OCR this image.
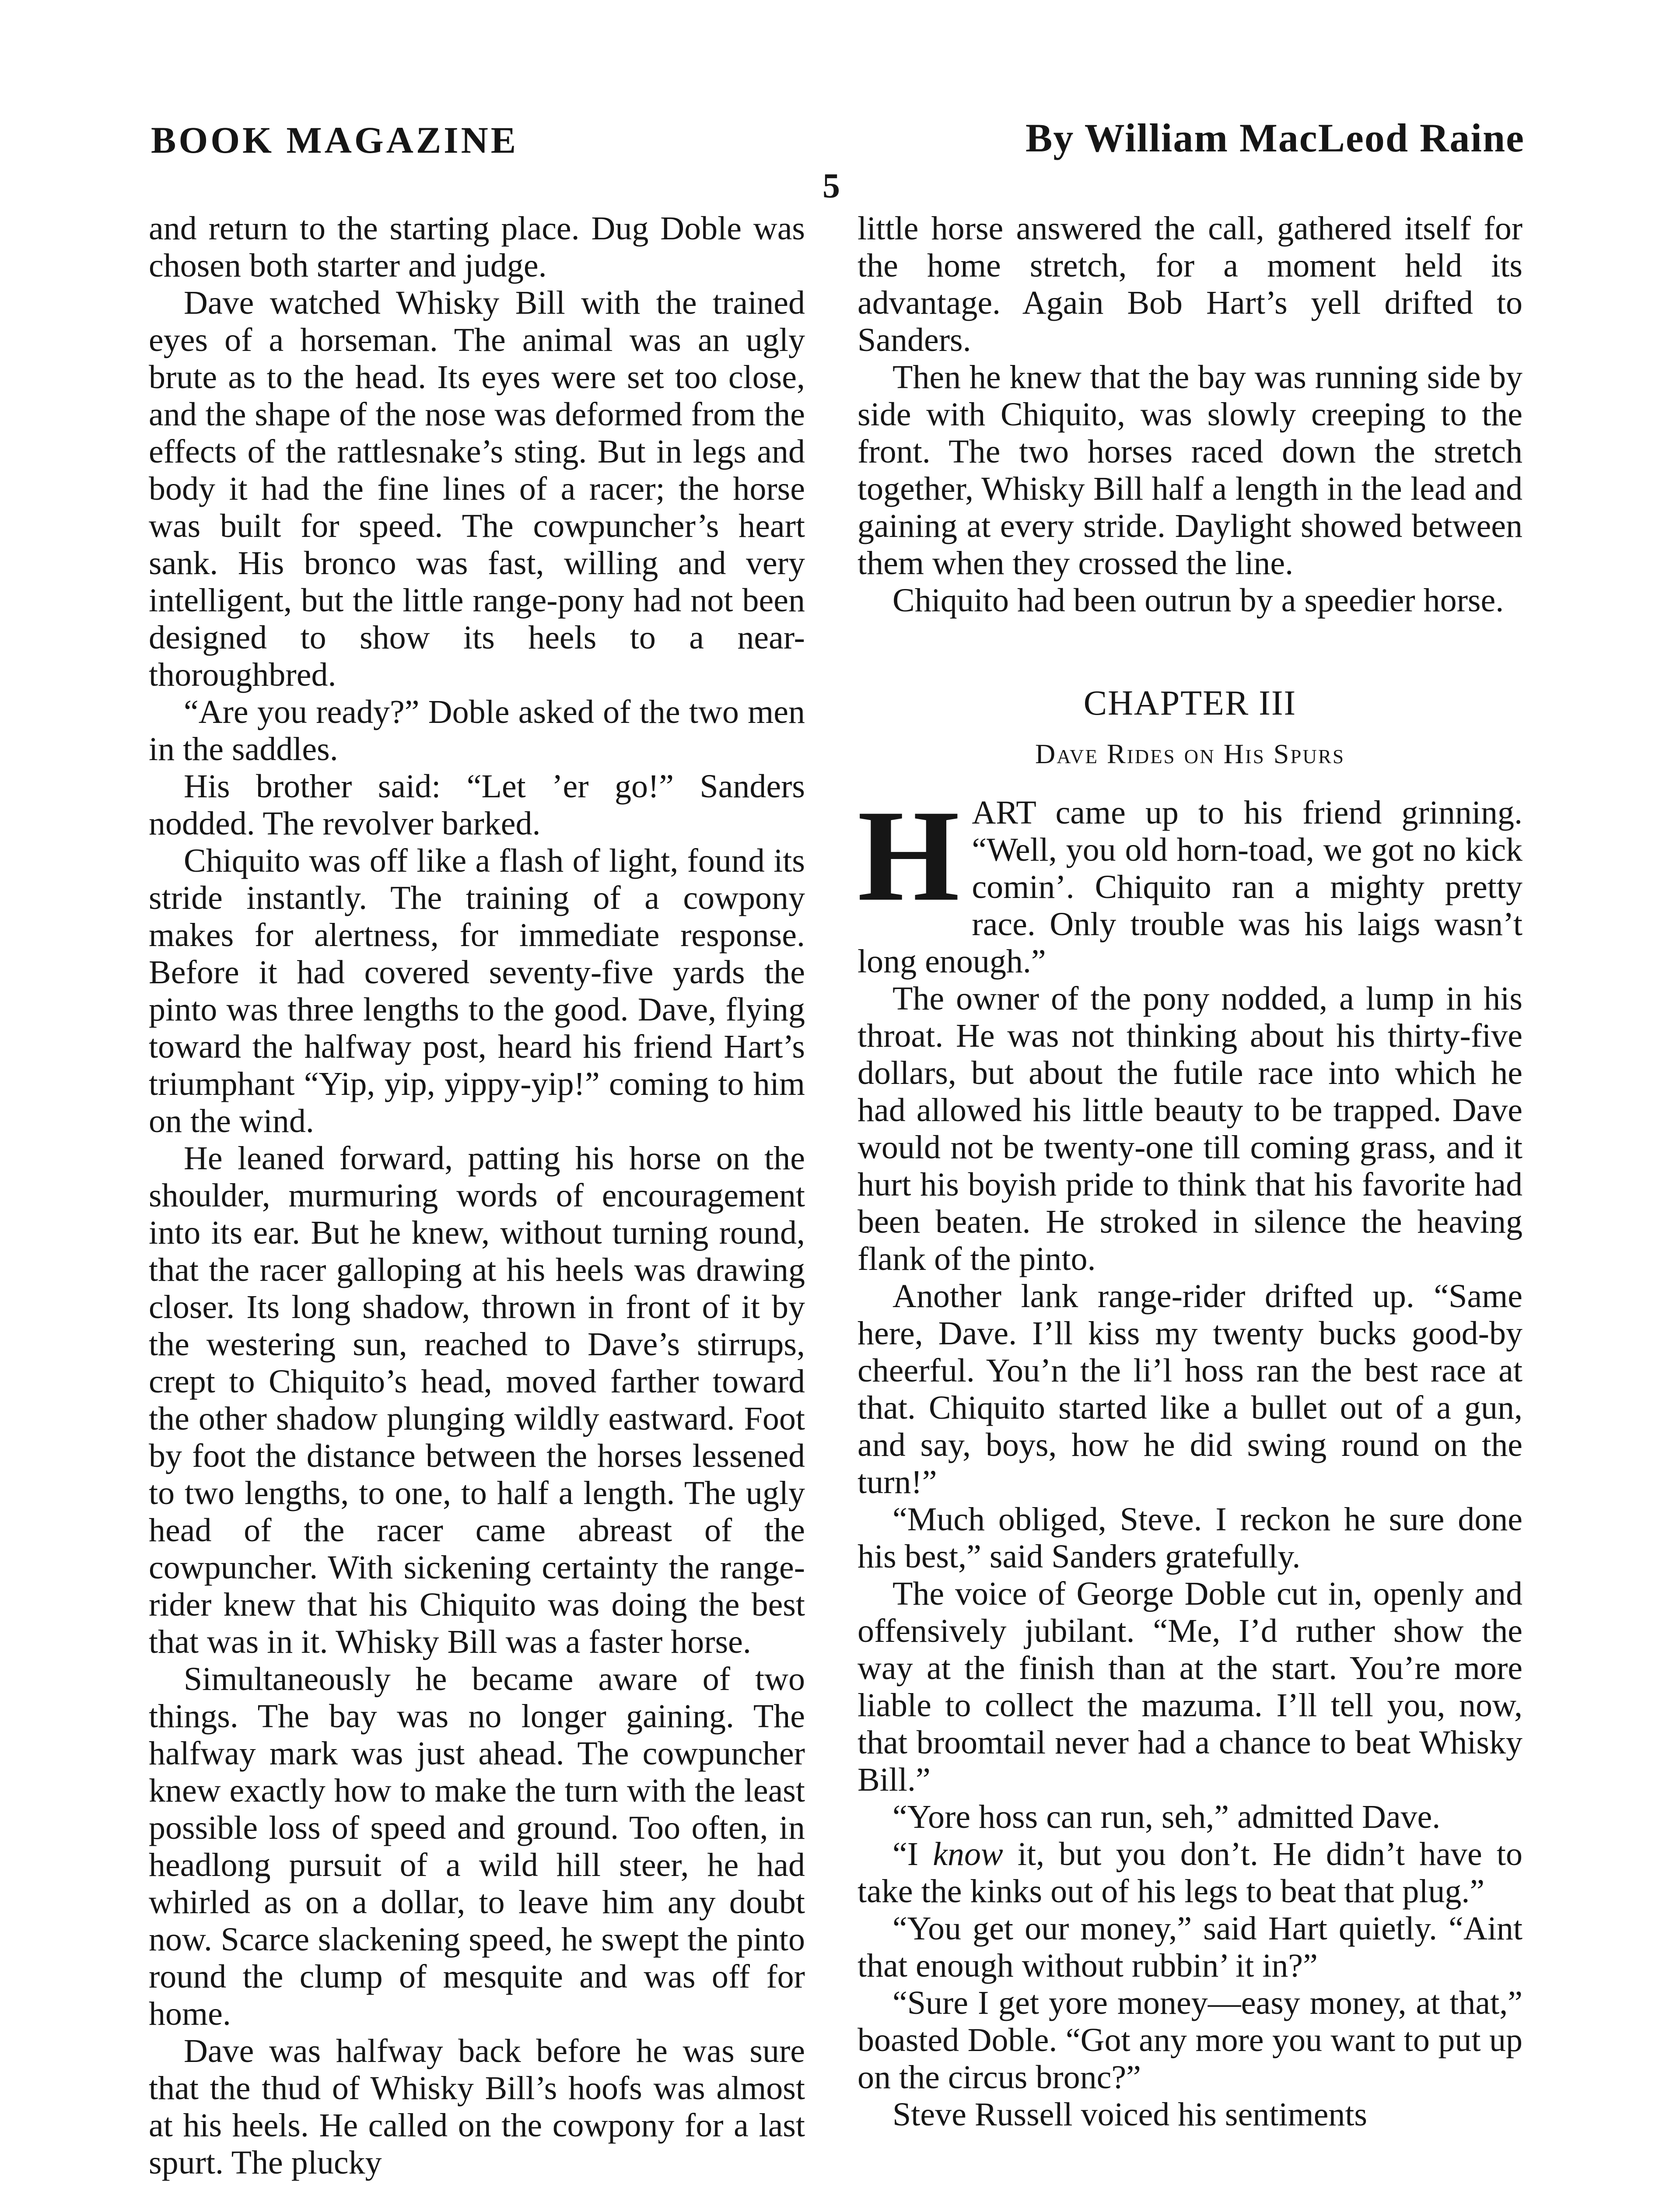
BOOK MAGAZINE	By William MacLeod Raine
5

and return to the starting place. Dug Doble was chosen both starter and judge.

Dave watched Whisky Bill with the trained eyes of a horseman. The animal was an ugly brute as to the head. Its eyes were set too close, and the shape of the nose was deformed from the effects of the rattlesnake’s sting. But in legs and body it had the fine lines of a racer; the horse was built for speed. The cowpuncher’s heart sank. His bronco was fast, willing and very intelligent, but the little range-pony had not been designed to show its heels to a near-thoroughbred.

“Are you ready?” Doble asked of the two men in the saddles.

His brother said: “Let ’er go!” Sanders nodded. The revolver barked.

Chiquito was off like a flash of light, found its stride instantly. The training of a cowpony makes for alertness, for immediate response. Before it had covered seventy-five yards the pinto was three lengths to the good. Dave, flying toward the halfway post, heard his friend Hart’s triumphant “Yip, yip, yippy-yip!” coming to him on the wind.

He leaned forward, patting his horse on the shoulder, murmuring words of encouragement into its ear. But he knew, without turning round, that the racer galloping at his heels was drawing closer. Its long shadow, thrown in front of it by the westering sun, reached to Dave’s stirrups, crept to Chiquito’s head, moved farther toward the other shadow plunging wildly eastward. Foot by foot the distance between the horses lessened to two lengths, to one, to half a length. The ugly head of the racer came abreast of the cowpuncher. With sickening certainty the range-rider knew that his Chiquito was doing the best that was in it. Whisky Bill was a faster horse.

Simultaneously he became aware of two things. The bay was no longer gaining. The halfway mark was just ahead. The cowpuncher knew exactly how to make the turn with the least possible loss of speed and ground. Too often, in headlong pursuit of a wild hill steer, he had whirled as on a dollar, to leave him any doubt now. Scarce slackening speed, he swept the pinto round the clump of mesquite and was off for home.

Dave was halfway back before he was sure that the thud of Whisky Bill’s hoofs was almost at his heels. He called on the cowpony for a last spurt. The plucky

little horse answered the call, gathered itself for the home stretch, for a moment held its advantage. Again Bob Hart’s yell drifted to Sanders.

Then he knew that the bay was running side by side with Chiquito, was slowly creeping to the front. The two horses raced down the stretch together, Whisky Bill half a length in the lead and gaining at every stride. Daylight showed between them when they crossed the line.

Chiquito had been outrun by a speedier horse.

CHAPTER III
Dave Rides on His Spurs

HART came up to his friend grinning. “Well, you old horn-toad, we got no kick comin’. Chiquito ran a mighty pretty race. Only trouble was his laigs wasn’t long enough.”

The owner of the pony nodded, a lump in his throat. He was not thinking about his thirty-five dollars, but about the futile race into which he had allowed his little beauty to be trapped. Dave would not be twenty-one till coming grass, and it hurt his boyish pride to think that his favorite had been beaten. He stroked in silence the heaving flank of the pinto.

Another lank range-rider drifted up. “Same here, Dave. I’ll kiss my twenty bucks good-by cheerful. You’n the li’l hoss ran the best race at that. Chiquito started like a bullet out of a gun, and say, boys, how he did swing round on the turn!”

“Much obliged, Steve. I reckon he sure done his best,” said Sanders gratefully.

The voice of George Doble cut in, openly and offensively jubilant. “Me, I’d ruther show the way at the finish than at the start. You’re more liable to collect the mazuma. I’ll tell you, now, that broomtail never had a chance to beat Whisky Bill.”

“Yore hoss can run, seh,” admitted Dave.

“I know it, but you don’t. He didn’t have to take the kinks out of his legs to beat that plug.”

“You get our money,” said Hart quietly. “Aint that enough without rubbin’ it in?”

“Sure I get yore money—easy money, at that,” boasted Doble. “Got any more you want to put up on the circus bronc?”

Steve Russell voiced his sentiments
